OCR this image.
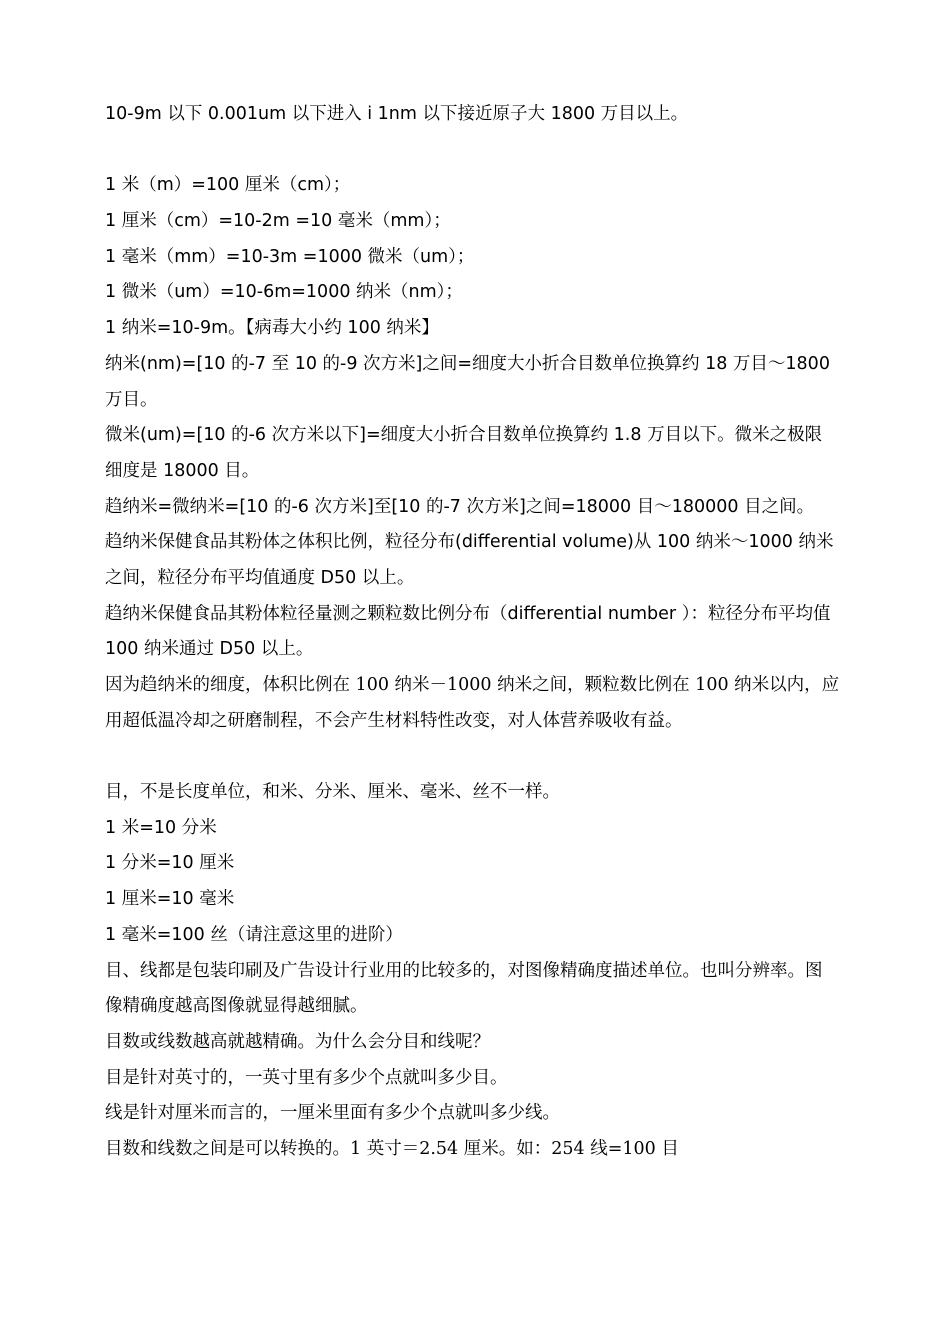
10-9m 以下 0.001um 以下进入 i 1nm 以下接近原子大 1800 万目以上。
1 米（m）=100 厘米（cm）；
1 厘米（cm）=10-2m =10 毫米（mm）；
1 毫米（mm）=10-3m =1000 微米（um）；
1 微米（um）=10-6m=1000 纳米（nm）；
1 纳米=10-9m。【病毒大小约 100 纳米】
纳米(nm)=[10 的-7 至 10 的-9 次方米]之间=细度大小折合目数单位换算约 18 万目～1800
万目。
微米(um)=[10 的-6 次方米以下]=细度大小折合目数单位换算约 1.8 万目以下。微米之极限
细度是 18000 目。
趋纳米=微纳米=[10 的-6 次方米]至[10 的-7 次方米]之间=18000 目～180000 目之间。
趋纳米保健食品其粉体之体积比例，粒径分布(differential volume)从 100 纳米～1000 纳米
之间，粒径分布平均值通度 D50 以上。
趋纳米保健食品其粉体粒径量测之颗粒数比例分布（differential number ）：粒径分布平均值
100 纳米通过 D50 以上。
因为趋纳米的细度，体积比例在 100 纳米－1000 纳米之间，颗粒数比例在 100 纳米以内，应
用超低温冷却之研磨制程，不会产生材料特性改变，对人体营养吸收有益。
目，不是长度单位，和米、分米、厘米、毫米、丝不一样。
1 米=10 分米
1 分米=10 厘米
1 厘米=10 毫米
1 毫米=100 丝（请注意这里的进阶）
目、线都是包装印刷及广告设计行业用的比较多的，对图像精确度描述单位。也叫分辨率。图
像精确度越高图像就显得越细腻。
目数或线数越高就越精确。为什么会分目和线呢？
目是针对英寸的，一英寸里有多少个点就叫多少目。
线是针对厘米而言的，一厘米里面有多少个点就叫多少线。
目数和线数之间是可以转换的。1 英寸＝2.54 厘米。如：254 线=100 目
